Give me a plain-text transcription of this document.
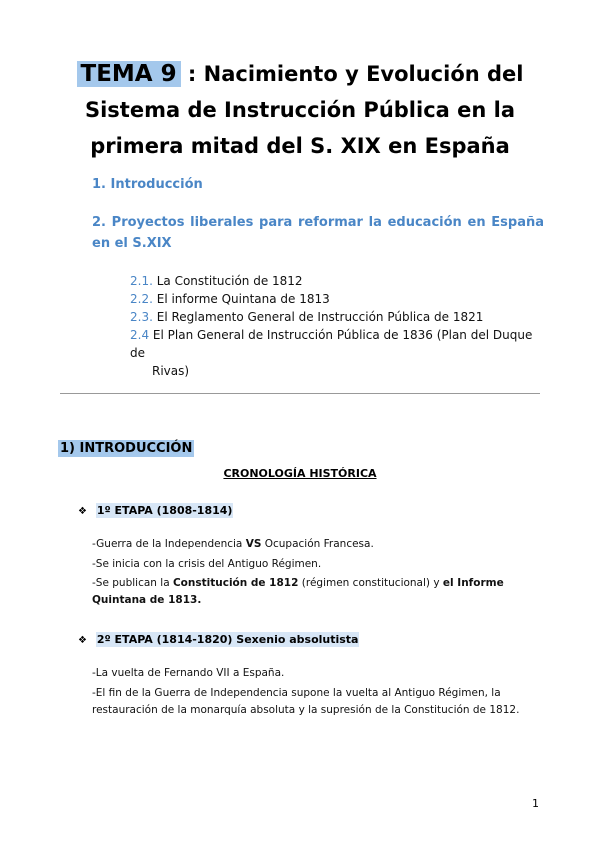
TEMA 9 : Nacimiento y Evolución del Sistema de Instrucción Pública en la primera mitad del S. XIX en España
1. Introducción
2. Proyectos liberales para reformar la educación en España en el S.XIX
2.1. La Constitución de 1812
2.2. El informe Quintana de 1813
2.3. El Reglamento General de Instrucción Pública de 1821
2.4 El Plan General de Instrucción Pública de 1836 (Plan del Duque de
Rivas)
1) INTRODUCCIÓN
CRONOLOGÍA HISTÓRICA
❖ 1º ETAPA (1808-1814)
-Guerra de la Independencia VS Ocupación Francesa.
-Se inicia con la crisis del Antiguo Régimen.
-Se publican la Constitución de 1812 (régimen constitucional) y el Informe Quintana de 1813.
❖ 2º ETAPA (1814-1820) Sexenio absolutista
-La vuelta de Fernando VII a España.
-El fin de la Guerra de Independencia supone la vuelta al Antiguo Régimen, la restauración de la monarquía absoluta y la supresión de la Constitución de 1812.
1
